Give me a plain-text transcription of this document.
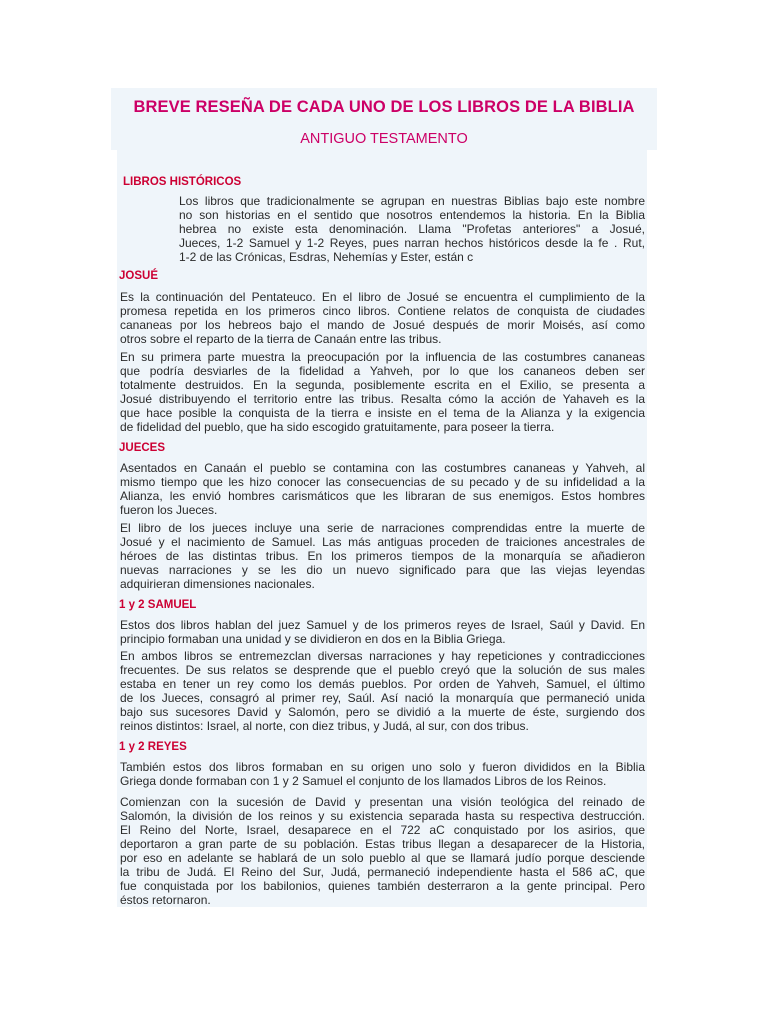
BREVE RESEÑA DE CADA UNO DE LOS LIBROS DE LA BIBLIA
ANTIGUO TESTAMENTO
LIBROS HISTÓRICOS
Los libros que tradicionalmente se agrupan en nuestras Biblias bajo este nombre
no son historias en el sentido que nosotros entendemos la historia. En la Biblia
hebrea no existe esta denominación. Llama "Profetas anteriores" a Josué,
Jueces, 1-2 Samuel y 1-2 Reyes, pues narran hechos históricos desde la fe . Rut,
1-2 de las Crónicas, Esdras, Nehemías y Ester, están c
JOSUÉ
Es la continuación del Pentateuco. En el libro de Josué se encuentra el cumplimiento de la
promesa repetida en los primeros cinco libros. Contiene relatos de conquista de ciudades
cananeas por los hebreos bajo el mando de Josué después de morir Moisés, así como
otros sobre el reparto de la tierra de Canaán entre las tribus.
En su primera parte muestra la preocupación por la influencia de las costumbres cananeas
que podría desviarles de la fidelidad a Yahveh, por lo que los cananeos deben ser
totalmente destruidos. En la segunda, posiblemente escrita en el Exilio, se presenta a
Josué distribuyendo el territorio entre las tribus. Resalta cómo la acción de Yahaveh es la
que hace posible la conquista de la tierra e insiste en el tema de la Alianza y la exigencia
de fidelidad del pueblo, que ha sido escogido gratuitamente, para poseer la tierra.
JUECES
Asentados en Canaán el pueblo se contamina con las costumbres cananeas y Yahveh, al
mismo tiempo que les hizo conocer las consecuencias de su pecado y de su infidelidad a la
Alianza, les envió hombres carismáticos que les libraran de sus enemigos. Estos hombres
fueron los Jueces.
El libro de los jueces incluye una serie de narraciones comprendidas entre la muerte de
Josué y el nacimiento de Samuel. Las más antiguas proceden de traiciones ancestrales de
héroes de las distintas tribus. En los primeros tiempos de la monarquía se añadieron
nuevas narraciones y se les dio un nuevo significado para que las viejas leyendas
adquirieran dimensiones nacionales.
1 y 2 SAMUEL
Estos dos libros hablan del juez Samuel y de los primeros reyes de Israel, Saúl y David. En
principio formaban una unidad y se dividieron en dos en la Biblia Griega.
En ambos libros se entremezclan diversas narraciones y hay repeticiones y contradicciones
frecuentes. De sus relatos se desprende que el pueblo creyó que la solución de sus males
estaba en tener un rey como los demás pueblos. Por orden de Yahveh, Samuel, el último
de los Jueces, consagró al primer rey, Saúl. Así nació la monarquía que permaneció unida
bajo sus sucesores David y Salomón, pero se dividió a la muerte de éste, surgiendo dos
reinos distintos: Israel, al norte, con diez tribus, y Judá, al sur, con dos tribus.
1 y 2 REYES
También estos dos libros formaban en su origen uno solo y fueron divididos en la Biblia
Griega donde formaban con 1 y 2 Samuel el conjunto de los llamados Libros de los Reinos.
Comienzan con la sucesión de David y presentan una visión teológica del reinado de
Salomón, la división de los reinos y su existencia separada hasta su respectiva destrucción.
El Reino del Norte, Israel, desaparece en el 722 aC conquistado por los asirios, que
deportaron a gran parte de su población. Estas tribus llegan a desaparecer de la Historia,
por eso en adelante se hablará de un solo pueblo al que se llamará judío porque desciende
la tribu de Judá. El Reino del Sur, Judá, permaneció independiente hasta el 586 aC, que
fue conquistada por los babilonios, quienes también desterraron a la gente principal. Pero
éstos retornaron.
